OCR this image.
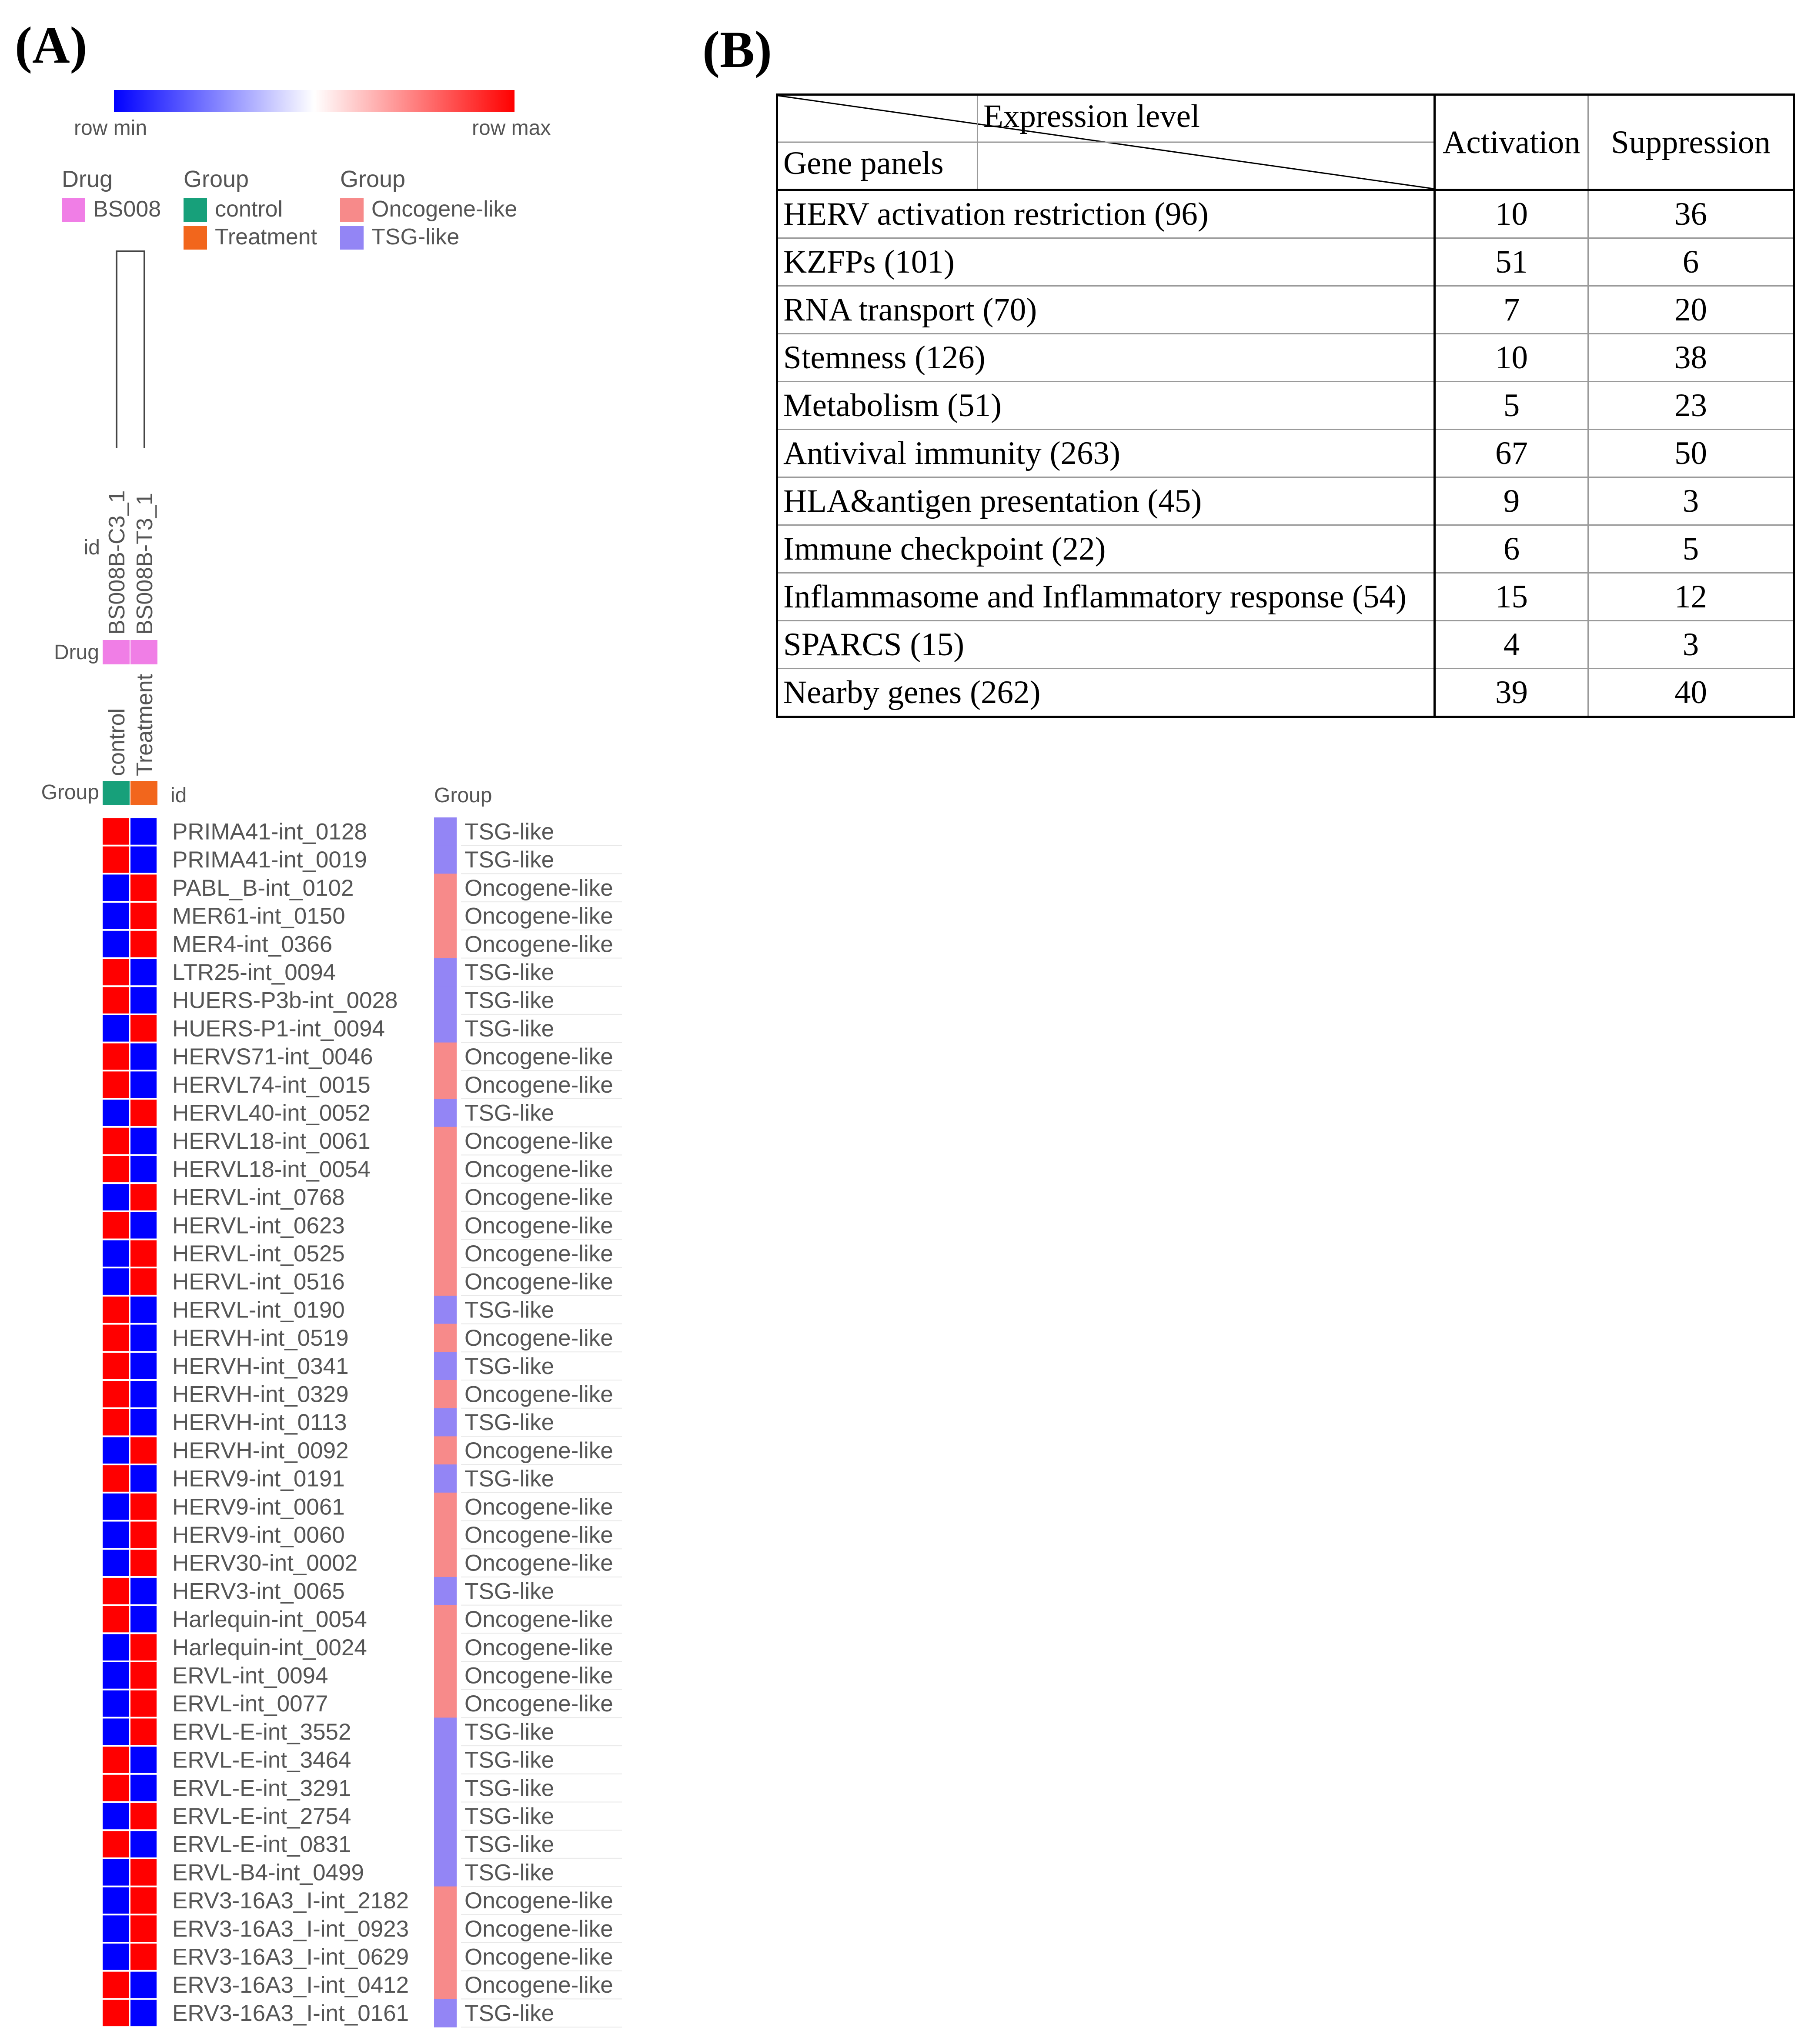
(A)	(B)
row min	row max
Drug
BS008
Group
control
Treatment
Group
Oncogene-like
TSG-like
BS008B-C3_1 BS008B-T3_1
id
Drug
control Treatment
Group	id	Group
PRIMA41-int_0128	TSG-like
PRIMA41-int_0019	TSG-like
PABL_B-int_0102	Oncogene-like
MER61-int_0150	Oncogene-like
MER4-int_0366	Oncogene-like
LTR25-int_0094	TSG-like
HUERS-P3b-int_0028	TSG-like
HUERS-P1-int_0094	TSG-like
HERVS71-int_0046	Oncogene-like
HERVL74-int_0015	Oncogene-like
HERVL40-int_0052	TSG-like
HERVL18-int_0061	Oncogene-like
HERVL18-int_0054	Oncogene-like
HERVL-int_0768	Oncogene-like
HERVL-int_0623	Oncogene-like
HERVL-int_0525	Oncogene-like
HERVL-int_0516	Oncogene-like
HERVL-int_0190	TSG-like
HERVH-int_0519	Oncogene-like
HERVH-int_0341	TSG-like
HERVH-int_0329	Oncogene-like
HERVH-int_0113	TSG-like
HERVH-int_0092	Oncogene-like
HERV9-int_0191	TSG-like
HERV9-int_0061	Oncogene-like
HERV9-int_0060	Oncogene-like
HERV30-int_0002	Oncogene-like
HERV3-int_0065	TSG-like
Harlequin-int_0054	Oncogene-like
Harlequin-int_0024	Oncogene-like
ERVL-int_0094	Oncogene-like
ERVL-int_0077	Oncogene-like
ERVL-E-int_3552	TSG-like
ERVL-E-int_3464	TSG-like
ERVL-E-int_3291	TSG-like
ERVL-E-int_2754	TSG-like
ERVL-E-int_0831	TSG-like
ERVL-B4-int_0499	TSG-like
ERV3-16A3_I-int_2182 Oncogene-like
ERV3-16A3_I-int_0923 Oncogene-like
ERV3-16A3_I-int_0629 Oncogene-like
ERV3-16A3_I-int_0412 Oncogene-like
ERV3-16A3_I-int_0161 TSG-like
Expression level
Gene panels	Activation	Suppression
HERV activation restriction (96)	10	36
KZFPs (101)	51	6
RNA transport (70)	7	20
Stemness (126)	10	38
Metabolism (51)	5	23
Antivival immunity (263)	67	50
HLA&antigen presentation (45)	9	3
Immune checkpoint (22)	6	5
Inflammasome and Inflammatory response (54)	15	12
SPARCS (15)	4	3
Nearby genes (262)	39	40
